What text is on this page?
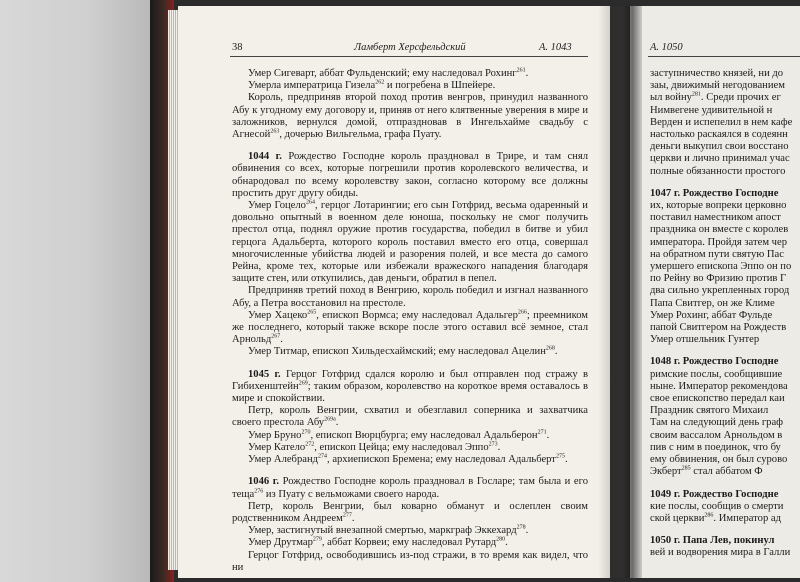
38	Ламберт Херсфельдский	А. 1043

Умер Сигеварт, аббат Фульденский; ему наследовал Рохинг$^{261}$.

Умерла императрица Гизела$^{262}$ и погребена в Шпейере.

Король, предприняв второй поход против венгров, принудил названного Абу к угодному ему договору и, приняв от него клятвенные уверения в мире и заложников, вернулся домой, отпраздновав в Ингельхайме свадьбу с Агнесой$^{263}$, дочерью Вильгельма, графа Пуату.

1044 г. Рождество Господне король праздновал в Трире, и там снял обвинения со всех, которые погрешили против королевского величества, и обнародовал по всему королевству закон, согласно которому все должны простить друг другу обиды.

Умер Гоцело$^{264}$, герцог Лотарингии; его сын Готфрид, весьма одаренный и довольно опытный в военном деле юноша, поскольку не смог получить престол отца, поднял оружие против государства, победил в битве и убил герцога Адальберта, которого король поставил вместо его отца, совершал многочисленные убийства людей и разорения полей, и все места до самого Рейна, кроме тех, которые или избежали вражеского нападения благодаря защите стен, или откупились, дав деньги, обратил в пепел.

Предприняв третий поход в Венгрию, король победил и изгнал названного Абу, а Петра восстановил на престоле.

Умер Хацеко$^{265}$, епископ Вормса; ему наследовал Адальгер$^{266}$; преемником же последнего, который также вскоре после этого оставил всё земное, стал Арнольд$^{267}$.

Умер Титмар, епископ Хильдесхаймский; ему наследовал Ацелин$^{268}$.

1045 г. Герцог Готфрид сдался королю и был отправлен под стражу в Гибихенштейн$^{269}$; таким образом, королевство на короткое время оставалось в мире и спокойствии.

Петр, король Венгрии, схватил и обезглавил соперника и захватчика своего престола Абу$^{269а}$.

Умер Бруно$^{270}$, епископ Вюрцбурга; ему наследовал Адальберон$^{271}$.

Умер Кателo$^{272}$, епископ Цейца; ему наследовал Эппо$^{273}$.

Умер Алебранд$^{274}$, архиепископ Бремена; ему наследовал Адальберт$^{275}$.

1046 г. Рождество Господне король праздновал в Госларе; там была и его теща$^{276}$ из Пуату с вельможами своего народа.

Петр, король Венгрии, был коварно обманут и ослеплен своим родственником Андреем$^{277}$.

Умер, застигнутый внезапной смертью, маркграф Эккехард$^{278}$.

Умер Друтмар$^{279}$, аббат Корвеи; ему наследовал Рутард$^{280}$.

Герцог Готфрид, освободившись из-под стражи, в то время как видел, что ни

А. 1050
заступничество князей, ни до
заы, движимый негодованием
ыл войну$^{281}$. Среди прочих ег
Нимвегене удивительной н
Верден и испепелил в нем кафе
настолько раскаялся в содеянн
деньги выкупил свои восстано
церкви и лично принимал учас
полные обязанности простого
1047 г. Рождество Господне
их, которые вопреки церковно
поставил наместником апост
праздника он вместе с королев
императора. Пройдя затем чер
на обратном пути святую Пас
умершего епископа Эппо он по
по Рейну во Фризию против Г
два сильно укрепленных город
Папа Свитгер, он же Климе
Умер Рохинг, аббат Фульде
папой Свитгером на Рождеств
Умер отшельник Гунтер
1048 г. Рождество Господне
римские послы, сообщившие
ныне. Император рекомендова
свое епископство передал каи
Праздник святого Михаил
Там на следующий день граф
своим вассалом Арнольдом в
пив с ним в поединок, что бу
ему обвинения, он был сурово
Экберт$^{285}$ стал аббатом Ф
1049 г. Рождество Господне
кие послы, сообщив о смерти
ской церкви$^{286}$. Император ад
1050 г. Папа Лев, покинул
вей и водворения мира в Галли
